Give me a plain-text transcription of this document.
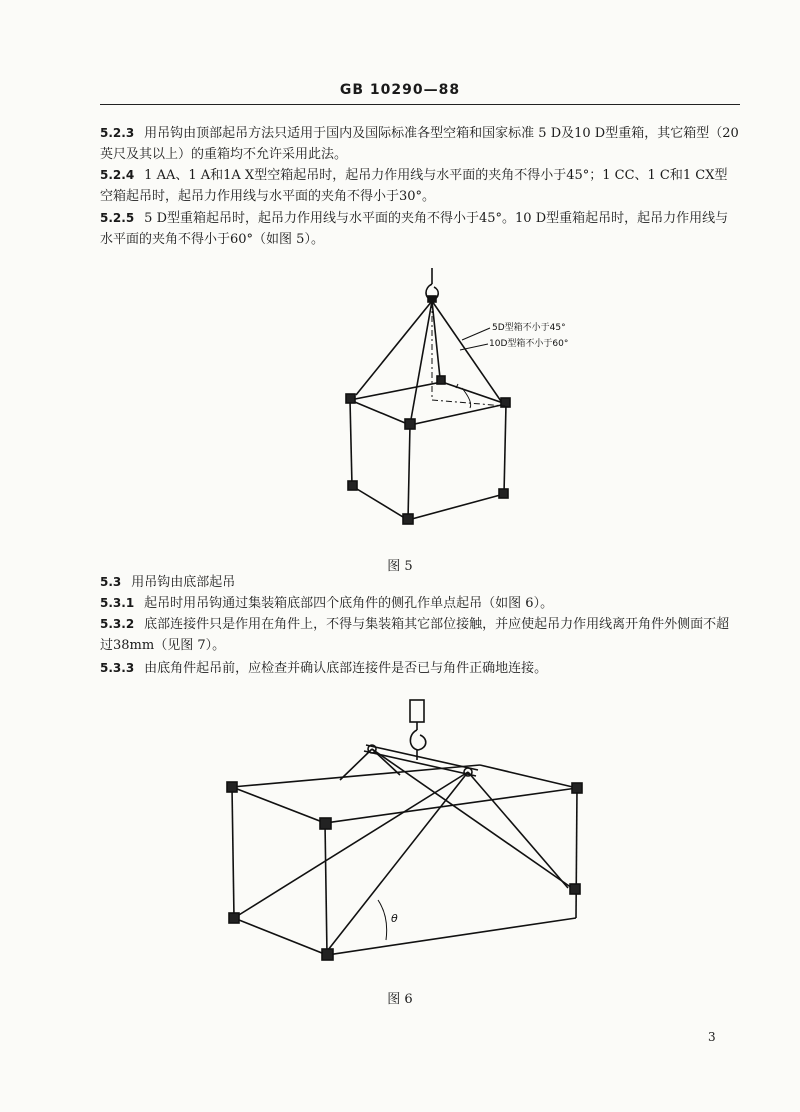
GB 10290—88
5.2.3 用吊钩由顶部起吊方法只适用于国内及国际标准各型空箱和国家标准 5 D及10 D型重箱，其它箱型（20英尺及其以上）的重箱均不允许采用此法。
5.2.4 1 AA、1 A和1A X型空箱起吊时，起吊力作用线与水平面的夹角不得小于45°；1 CC、1 C和1 CX型空箱起吊时，起吊力作用线与水平面的夹角不得小于30°。
5.2.5 5 D型重箱起吊时，起吊力作用线与水平面的夹角不得小于45°。10 D型重箱起吊时，起吊力作用线与水平面的夹角不得小于60°（如图 5）。
5D型箱不小于45°
10D型箱不小于60°
图 5
5.3 用吊钩由底部起吊
5.3.1 起吊时用吊钩通过集装箱底部四个底角件的侧孔作单点起吊（如图 6）。
5.3.2 底部连接件只是作用在角件上，不得与集装箱其它部位接触，并应使起吊力作用线离开角件外侧面不超过38mm（见图 7）。
5.3.3 由底角件起吊前，应检查并确认底部连接件是否已与角件正确地连接。
θ
图 6
3
